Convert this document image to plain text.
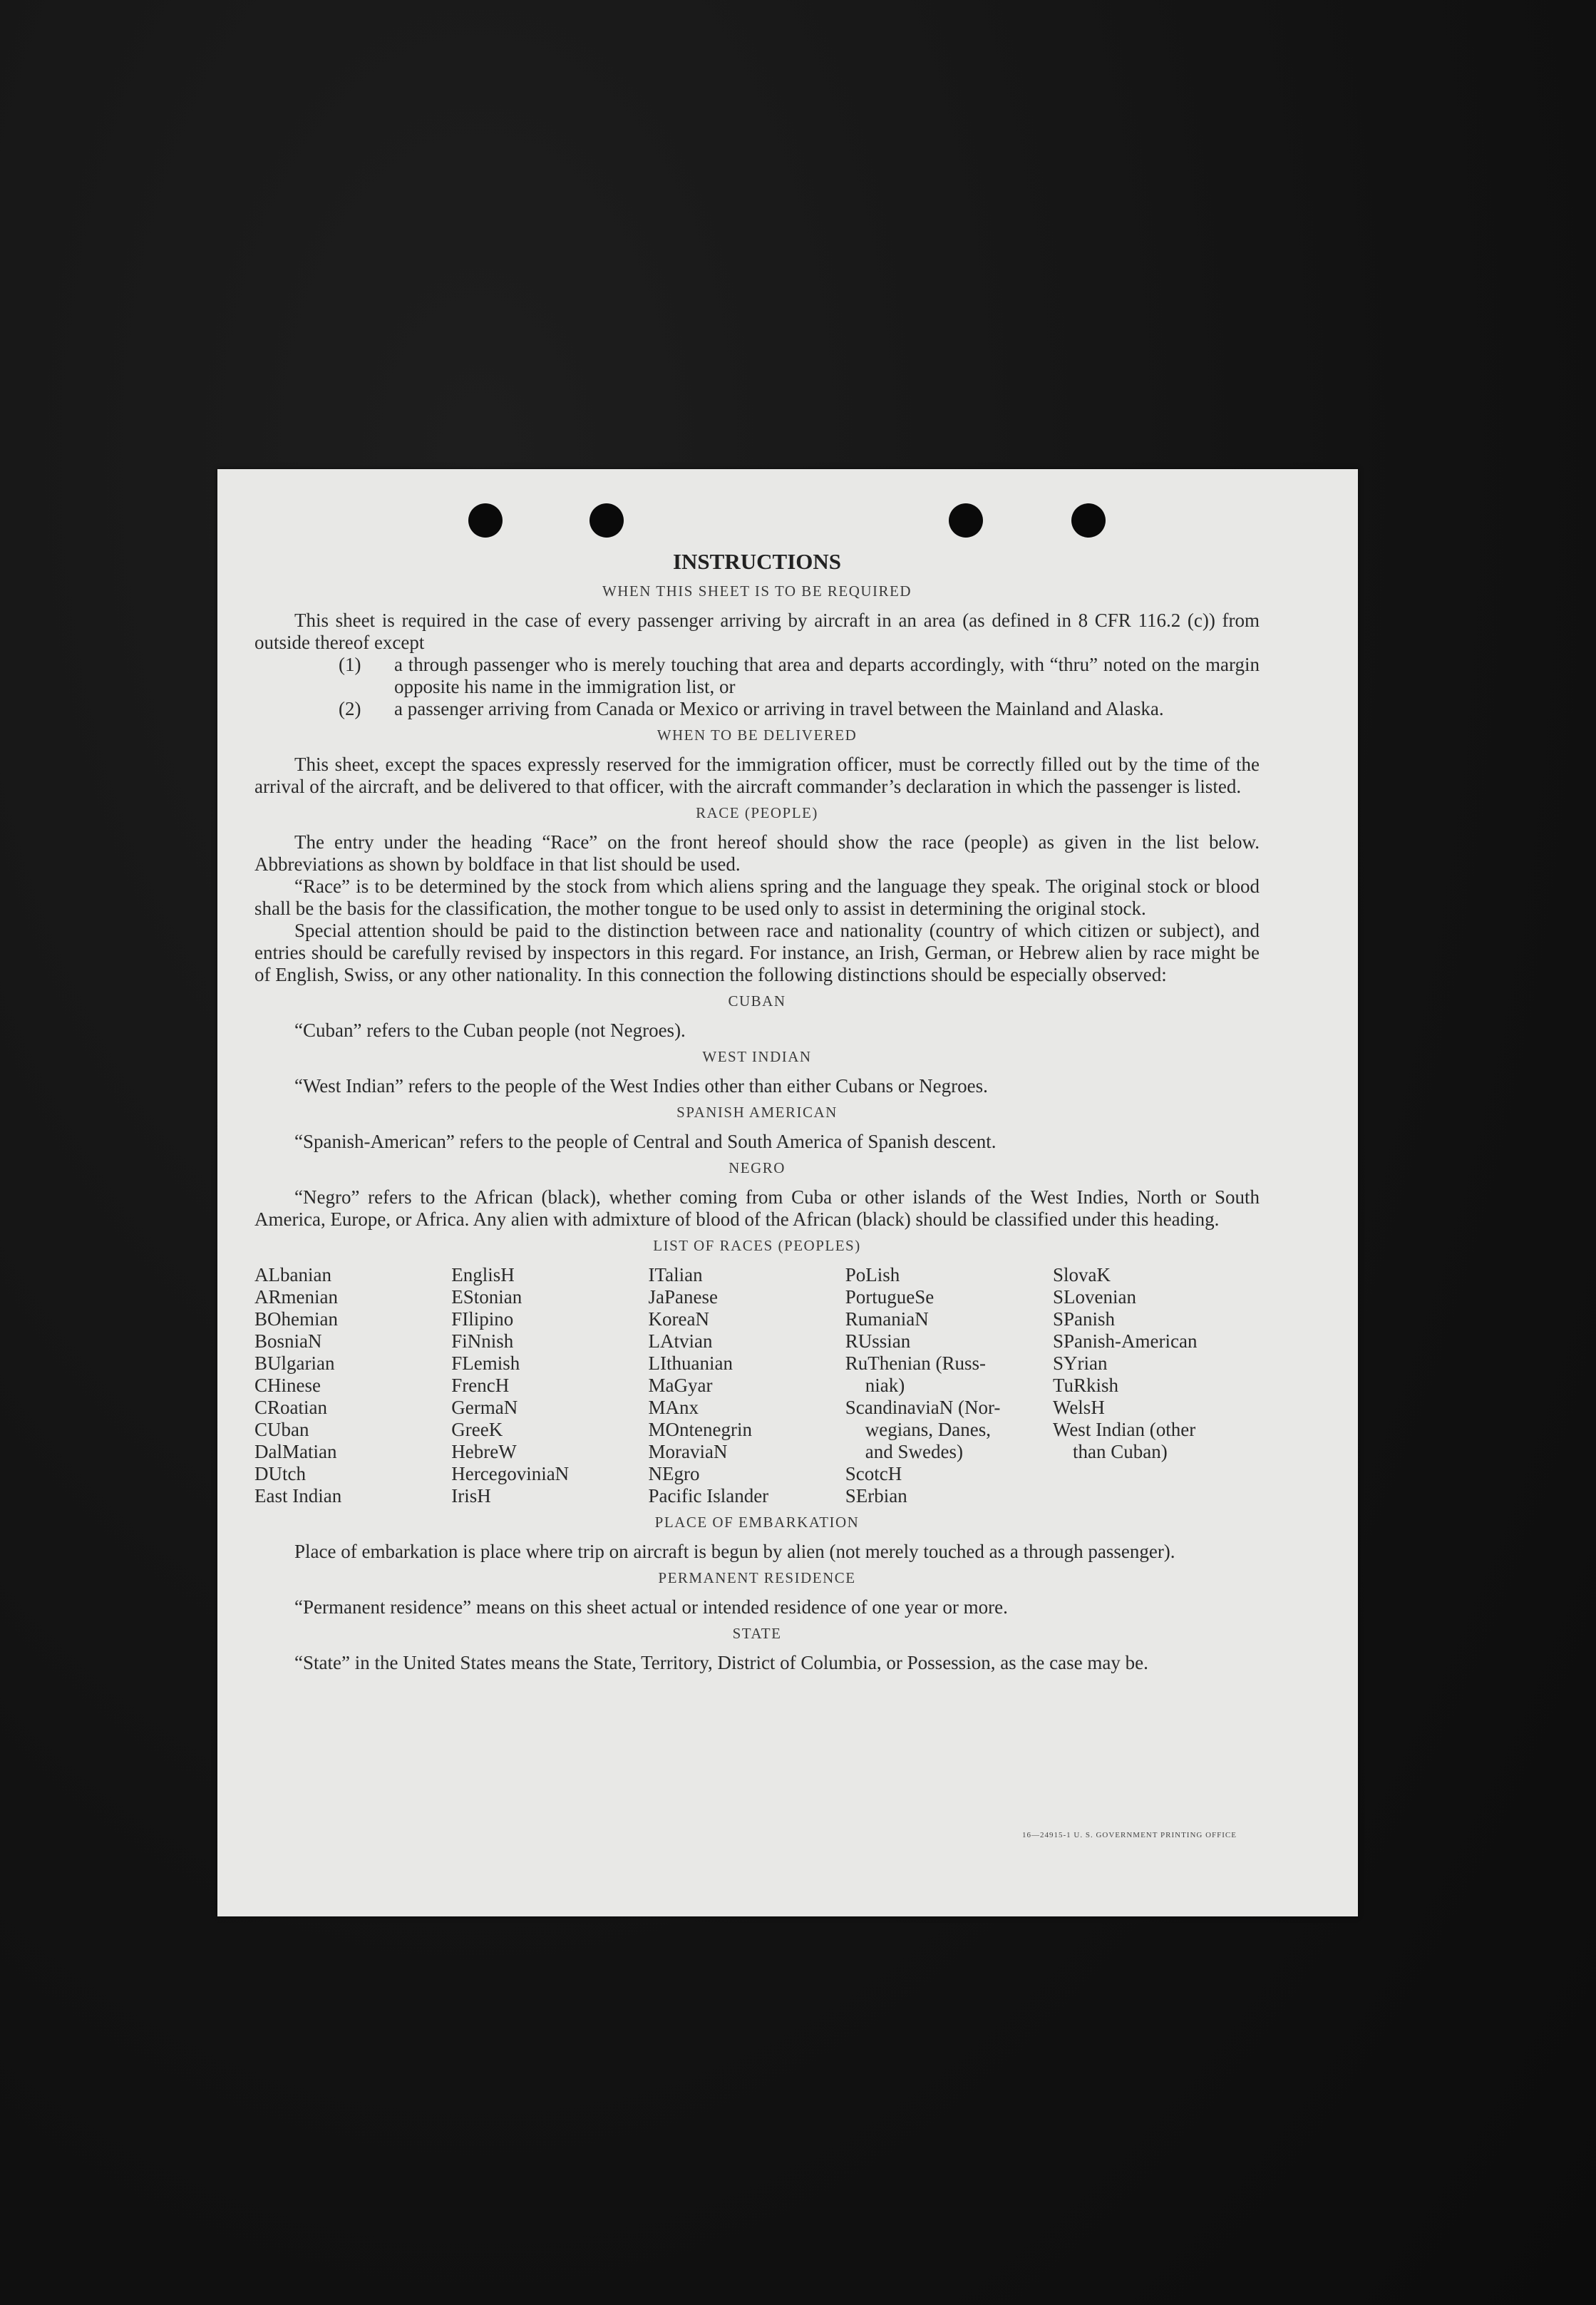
INSTRUCTIONS
WHEN THIS SHEET IS TO BE REQUIRED

This sheet is required in the case of every passenger arriving by aircraft in an area (as defined in 8 CFR 116.2 (c)) from outside thereof except

(1) a through passenger who is merely touching that area and departs accordingly, with “thru” noted on the margin opposite his name in the immigration list, or
(2) a passenger arriving from Canada or Mexico or arriving in travel between the Mainland and Alaska.
WHEN TO BE DELIVERED

This sheet, except the spaces expressly reserved for the immigration officer, must be correctly filled out by the time of the arrival of the aircraft, and be delivered to that officer, with the aircraft commander’s declaration in which the passenger is listed.

RACE (PEOPLE)

The entry under the heading “Race” on the front hereof should show the race (people) as given in the list below. Abbreviations as shown by boldface in that list should be used.

“Race” is to be determined by the stock from which aliens spring and the language they speak. The original stock or blood shall be the basis for the classification, the mother tongue to be used only to assist in determining the original stock.

Special attention should be paid to the distinction between race and nationality (country of which citizen or subject), and entries should be carefully revised by inspectors in this regard. For instance, an Irish, German, or Hebrew alien by race might be of English, Swiss, or any other nationality. In this connection the following distinctions should be especially observed:

CUBAN

“Cuban” refers to the Cuban people (not Negroes).

WEST INDIAN

“West Indian” refers to the people of the West Indies other than either Cubans or Negroes.

SPANISH AMERICAN

“Spanish-American” refers to the people of Central and South America of Spanish descent.

NEGRO

“Negro” refers to the African (black), whether coming from Cuba or other islands of the West Indies, North or South America, Europe, or Africa. Any alien with admixture of blood of the African (black) should be classified under this heading.

LIST OF RACES (PEOPLES)
ALbanian
ARmenian
BOhemian
BosniaN
BUlgarian
CHinese
CRoatian
CUban
DalMatian
DUtch
East Indian
EnglisH
EStonian
FIlipino
FiNnish
FLemish
FrencH
GermaN
GreeK
HebreW
HercegovinіaN
IrisH
ITalian
JaPanese
KoreaN
LAtvian
LIthuanian
MaGyar
MAnx
MOntenegrin
MoraviaN
NEgro
Pacific Islander
PoLish
PortugueSe
RumaniaN
RUssian
RuThenian (Russ-
niak)
ScandinaviaN (Nor-
wegians, Danes,
and Swedes)
ScotcH
SErbian
SlovaK
SLovenian
SPanish
SPanish-American
SYrian
TuRkish
WelsH
West Indian (other
than Cuban)
PLACE OF EMBARKATION

Place of embarkation is place where trip on aircraft is begun by alien (not merely touched as a through passenger).

PERMANENT RESIDENCE

“Permanent residence” means on this sheet actual or intended residence of one year or more.

STATE

“State” in the United States means the State, Territory, District of Columbia, or Possession, as the case may be.

16—24915-1 U. S. GOVERNMENT PRINTING OFFICE
